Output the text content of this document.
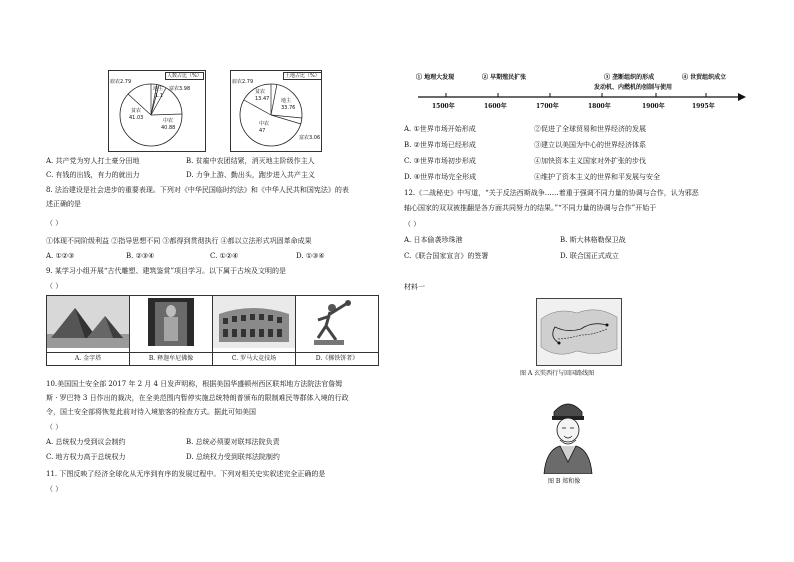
人数占比（%）
雇农2.79
地主
1.1
富农3.98
贫农
41.03	中农
40.88
土地占比（%）
雇农2.79
贫农
13.47 地主
33.76
中农
47
富农3.06
A. 共产党为穷人打土豪分田地	B. 贫雇中农团结紧，消灭地主阶级作主人
C. 有钱的出钱，有力的就出力	D. 力争上游、勤出头，跑步进入共产主义
8. 法治建设是社会进步的重要表现。下列对《中华民国临时约法》和《中华人民共和国宪法》的表
述正确的是
（ ）
①体现不同阶级利益 ②指导思想不同 ③都得到贯彻执行 ④都以立法形式巩固革命成果
A. ①②③	B. ②③④	C. ①②④	D. ①③④
9. 某学习小组开展“古代雕塑、建筑鉴赏”项目学习。以下属于古埃及文明的是
（ ）

A. 金字塔	B. 释迦牟尼佛像	C. 罗马大竞技场	D.《掷铁饼者》
10.美国国土安全部 2017 年 2 月 4 日发声明称，根据美国华盛顿州西区联邦地方法院法官詹姆
斯 · 罗巴特 3 日作出的裁决，在全美范围内暂停实施总统特朗普颁布的限制难民等群体入境的行政
令，国土安全部将恢复此前对待入境旅客的检查方式。据此可知美国
（ ）
A. 总统权力受到议会制约	B. 总统必须要对联邦法院负责
C. 地方权力高于总统权力	D. 总统权力受到联邦法院制约
11. 下图反映了经济全球化从无序到有序的发展过程中。下列对相关史实叙述完全正确的是
（ ）
① 地理大发现	② 早期殖民扩张	③ 垄断组织的形成	④ 世贸组织成立
发动机、内燃机的创制与使用
1500年	1600年	1700年	1800年	1900年	1995年
A. ①世界市场开始形成	②促进了全球贸易和世界经济的发展
B. ②世界市场已经形成	③建立以美国为中心的世界经济体系
C. ③世界市场初步形成	④加快资本主义国家对外扩张的步伐
D. ④世界市场完全形成	④维护了资本主义的世界和平发展与安全
12.《二战秘史》中写道，“关于反法西斯战争……着重于强调不同力量的协调与合作，认为邪恶
轴心国家的双双被推翻是各方面共同努力的结果。”“不同力量的协调与合作”开始于
（ ）
A. 日本偷袭珍珠港	B. 斯大林格勒保卫战
C.《联合国家宣言》的签署	D. 联合国正式成立
材料一
图 A 玄奘西行与回国路线图
图 B 郑和像
